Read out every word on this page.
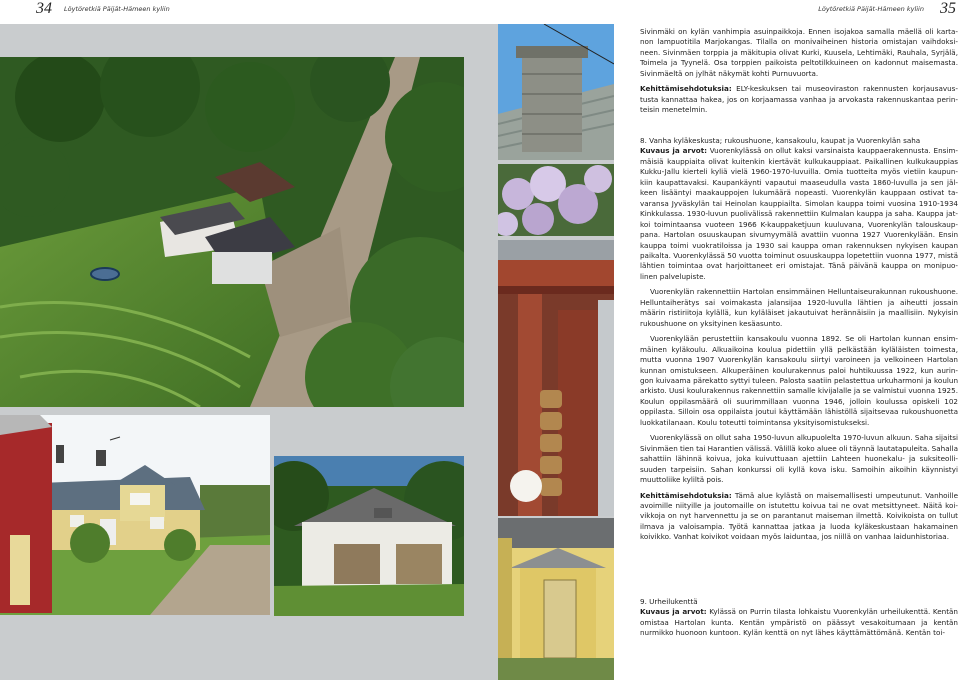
34 Löytöretkiä Päijät-Hämeen kyliin	Löytöretkiä Päijät-Hämeen kyliin 35

Sivinmäki on kylän vanhimpia asuinpaikkoja. Ennen isojakoa samalla mäellä oli kartanon lampuotitila Marjokangas. Tilalla on monivaiheinen historia omistajan vaihdoksineen. Sivinmäen torppia ja mäkitupia olivat Kurki, Kuusela, Lehtimäki, Rauhala, Syrjälä, Toimela ja Tyynelä. Osa torppien paikoista peltotilkkuineen on kadonnut maisemasta. Sivinmäeltä on jylhät näkymät kohti Purnuvuorta.

Kehittämisehdotuksia: ELY-keskuksen tai museoviraston rakennusten korjausavustusta kannattaa hakea, jos on korjaamassa vanhaa ja arvokasta rakennuskantaa perinteisin menetelmin.

8. Vanha kyläkeskusta; rukoushuone, kansakoulu, kaupat ja Vuorenkylän saha

Kuvaus ja arvot: Vuorenkylässä on ollut kaksi varsinaista kauppaerakennusta. Ensimmäisiä kauppiaita olivat kuitenkin kiertävät kulkukauppiaat. Paikallinen kulkukauppias Kukku-Jallu kierteli kyliä vielä 1960-1970-luvuilla. Omia tuotteita myös vietiin kaupunkiin kaupattavaksi. Kaupankäynti vapautui maaseudulla vasta 1860-luvulla ja sen jälkeen lisääntyi maakauppojen lukumäärä nopeasti. Vuorenkylän kauppaan ostivat tavaransa Jyväskylän tai Heinolan kauppiailta. Simolan kauppa toimi vuosina 1910-1934 Kinkkulassa. 1930-luvun puolivälissä rakennettiin Kulmalan kauppa ja saha. Kauppa jatkoi toimintaansa vuoteen 1966 K-kauppaketjuun kuuluvana, Vuorenkylän talouskauppana. Hartolan osuuskaupan sivumyymälä avattiin vuonna 1927 Vuorenkylään. Ensin kauppa toimi vuokratiloissa ja 1930 sai kauppa oman rakennuksen nykyisen kaupan paikalta. Vuorenkylässä 50 vuotta toiminut osuuskauppa lopetettiin vuonna 1977, mistä lähtien toimintaa ovat harjoittaneet eri omistajat. Tänä päivänä kauppa on monipuolinen palvelupiste.

Vuorenkylän rakennettiin Hartolan ensimmäinen Helluntaiseurakunnan rukoushuone. Helluntaiherätys sai voimakasta jalansijaa 1920-luvulla lähtien ja aiheutti jossain määrin ristiriitoja kylällä, kun kyläläiset jakautuivat herännäisiin ja maallisiin. Nykyisin rukoushuone on yksityinen kesäasunto.

Vuorenkylään perustettiin kansakoulu vuonna 1892. Se oli Hartolan kunnan ensimmäinen kyläkoulu. Alkuaikoina koulua pidettiin yllä pelkästään kyläläisten toimesta, mutta vuonna 1907 Vuorenkylän kansakoulu siirtyi varoineen ja velkoineen Hartolan kunnan omistukseen. Alkuperäinen koulurakennus paloi huhtikuussa 1922, kun auringon kuivaama pärekatto syttyi tuleen. Palosta saatiin pelastettua urkuharmoni ja koulun arkisto. Uusi koulurakennus rakennettiin samalle kivijalalle ja se valmistui vuonna 1925. Koulun oppilasmäärä oli suurimmillaan vuonna 1946, jolloin koulussa opiskeli 102 oppilasta. Silloin osa oppilaista joutui käyttämään lähistöllä sijaitsevaa rukoushuonetta luokkatilanaan. Koulu toteutti toimintansa yksityisomistukseksi.

Vuorenkylässä on ollut saha 1950-luvun alkupuolelta 1970-luvun alkuun. Saha sijaitsi Sivinmäen tien tai Harantien välissä. Välillä koko aluee oli täynnä lautatapuleita. Sahalla sahattiin lähinnä koivua, joka kuivuttuaan ajettiin Lahteen huonekalu- ja suksiteollisuuden tarpeisiin. Sahan konkurssi oli kyllä kova isku. Samoihin aikoihin käynnistyi muuttoliike kyliltä pois.

Kehittämisehdotuksia: Tämä alue kylästä on maisemallisesti umpeutunut. Vanhoille avoimille niityille ja joutomaille on istutettu koivua tai ne ovat metsittyneet. Näitä koivikkoja on nyt harvennettu ja se on parantanut maiseman ilmettä. Koivikoista on tullut ilmava ja valoisampia. Työtä kannattaa jatkaa ja luoda kyläkeskustaan hakamainen koivikko. Vanhat koivikot voidaan myös laiduntaa, jos niillä on vanhaa laidunhistoriaa.

9. Urheilukenttä

Kuvaus ja arvot: Kylässä on Purrin tilasta lohkaistu Vuorenkylän urheilukenttä. Kentän omistaa Hartolan kunta. Kentän ympäristö on päässyt vesakoitumaan ja kentän nurmikko huonoon kuntoon. Kylän kenttä on nyt lähes käyttämättömänä. Kentän toi-
